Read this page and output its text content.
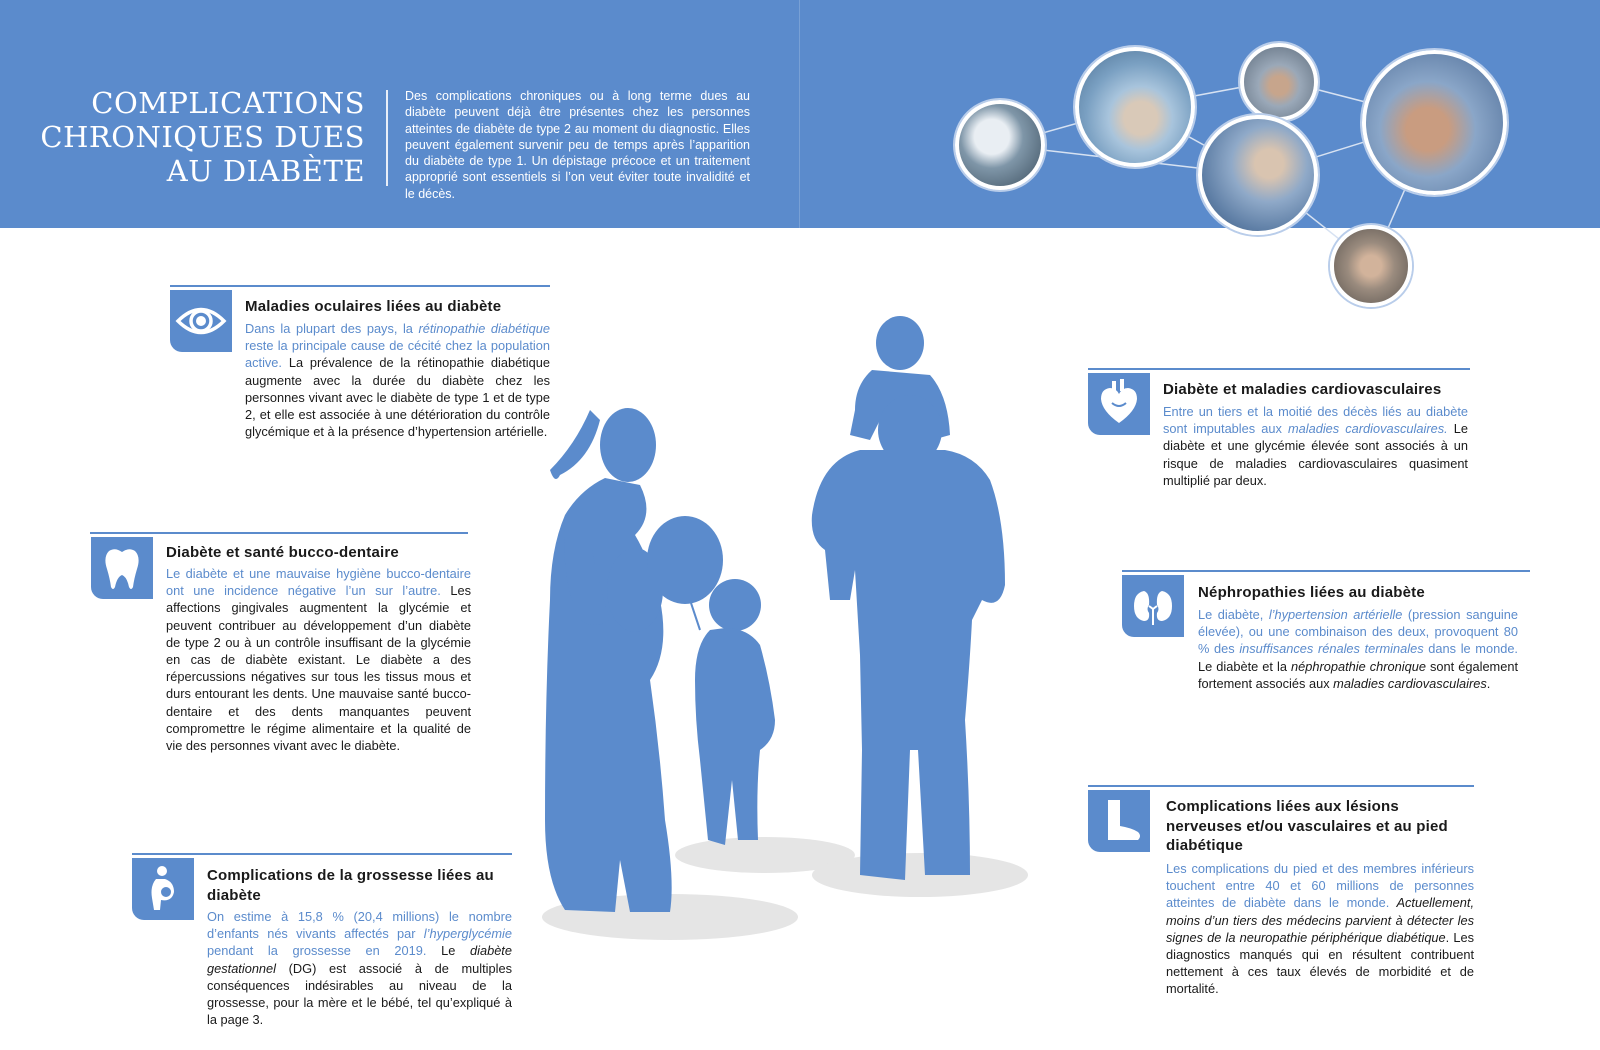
COMPLICATIONS
CHRONIQUES DUES
AU DIABÈTE
Des complications chroniques ou à long terme dues au diabète peuvent déjà être présentes chez les personnes atteintes de diabète de type 2 au moment du diagnostic. Elles peuvent également survenir peu de temps après l’apparition du diabète de type 1. Un dépistage précoce et un traitement approprié sont essentiels si l’on veut éviter toute invalidité et le décès.
Maladies oculaires liées au diabète
Dans la plupart des pays, la rétinopathie diabétique reste la principale cause de cécité chez la population active. La prévalence de la rétinopathie diabétique augmente avec la durée du diabète chez les personnes vivant avec le diabète de type 1 et de type 2, et elle est associée à une détérioration du contrôle glycémique et à la présence d’hypertension artérielle.
Diabète et santé bucco-dentaire
Le diabète et une mauvaise hygiène bucco-dentaire ont une incidence négative l’un sur l’autre. Les affections gingivales augmentent la glycémie et peuvent contribuer au développement d’un diabète de type 2 ou à un contrôle insuffisant de la glycémie en cas de diabète existant. Le diabète a des répercussions négatives sur tous les tissus mous et durs entourant les dents. Une mauvaise santé bucco-dentaire et des dents manquantes peuvent compromettre le régime alimentaire et la qualité de vie des personnes vivant avec le diabète.
Complications de la grossesse liées au diabète
On estime à 15,8 % (20,4 millions) le nombre d’enfants nés vivants affectés par l’hyperglycémie pendant la grossesse en 2019. Le diabète gestationnel (DG) est associé à de multiples conséquences indésirables au niveau de la grossesse, pour la mère et le bébé, tel qu’expliqué à la page 3.
Diabète et maladies cardiovasculaires
Entre un tiers et la moitié des décès liés au diabète sont imputables aux maladies cardiovasculaires. Le diabète et une glycémie élevée sont associés à un risque de maladies cardiovasculaires quasiment multiplié par deux.
Néphropathies liées au diabète
Le diabète, l’hypertension artérielle (pression sanguine élevée), ou une combinaison des deux, provoquent 80 % des insuffisances rénales terminales dans le monde. Le diabète et la néphropathie chronique sont également fortement associés aux maladies cardiovasculaires.
Complications liées aux lésions nerveuses et/ou vasculaires et au pied diabétique
Les complications du pied et des membres inférieurs touchent entre 40 et 60 millions de personnes atteintes de diabète dans le monde. Actuellement, moins d’un tiers des médecins parvient à détecter les signes de la neuropathie périphérique diabétique. Les diagnostics manqués qui en résultent contribuent nettement à ces taux élevés de morbidité et de mortalité.
